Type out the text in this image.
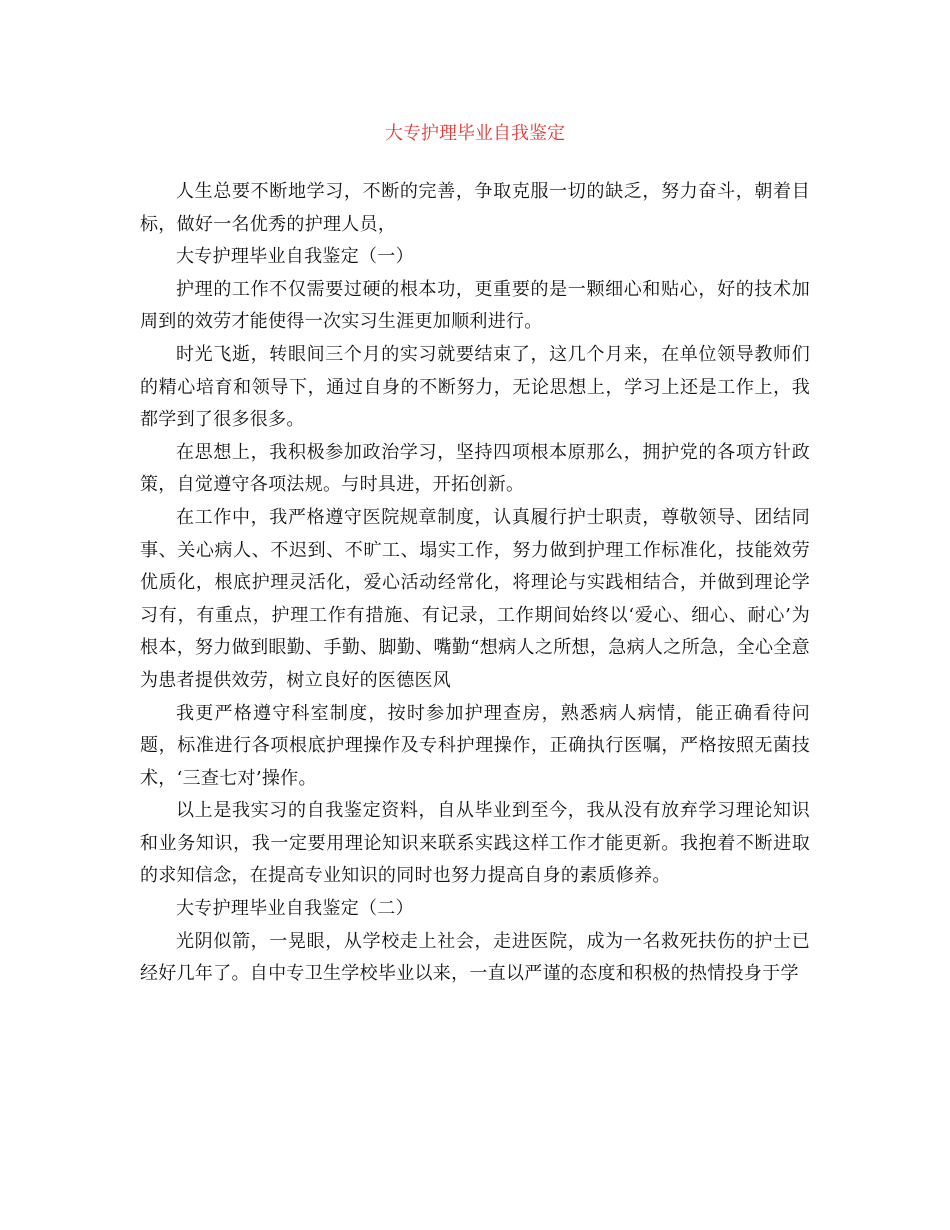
大专护理毕业自我鉴定

人生总要不断地学习，不断的完善，争取克服一切的缺乏，努力奋斗，朝着目标，做好一名优秀的护理人员，

大专护理毕业自我鉴定（一）

护理的工作不仅需要过硬的根本功，更重要的是一颗细心和贴心，好的技术加周到的效劳才能使得一次实习生涯更加顺利进行。

时光飞逝，转眼间三个月的实习就要结束了，这几个月来，在单位领导教师们的精心培育和领导下，通过自身的不断努力，无论思想上，学习上还是工作上，我都学到了很多很多。

在思想上，我积极参加政治学习，坚持四项根本原那么，拥护党的各项方针政策，自觉遵守各项法规。与时具进，开拓创新。

在工作中，我严格遵守医院规章制度，认真履行护士职责，尊敬领导、团结同事、关心病人、不迟到、不旷工、塌实工作，努力做到护理工作标准化，技能效劳优质化，根底护理灵活化，爱心活动经常化，将理论与实践相结合，并做到理论学习有，有重点，护理工作有措施、有记录，工作期间始终以‘爱心、细心、耐心’为根本，努力做到眼勤、手勤、脚勤、嘴勤“想病人之所想，急病人之所急，全心全意为患者提供效劳，树立良好的医德医风

我更严格遵守科室制度，按时参加护理查房，熟悉病人病情，能正确看待问题，标准进行各项根底护理操作及专科护理操作，正确执行医嘱，严格按照无菌技术，‘三查七对’操作。

以上是我实习的自我鉴定资料，自从毕业到至今，我从没有放弃学习理论知识和业务知识，我一定要用理论知识来联系实践这样工作才能更新。我抱着不断进取的求知信念，在提高专业知识的同时也努力提高自身的素质修养。

大专护理毕业自我鉴定（二）

光阴似箭，一晃眼，从学校走上社会，走进医院，成为一名救死扶伤的护士已经好几年了。自中专卫生学校毕业以来，一直以严谨的态度和积极的热情投身于学
